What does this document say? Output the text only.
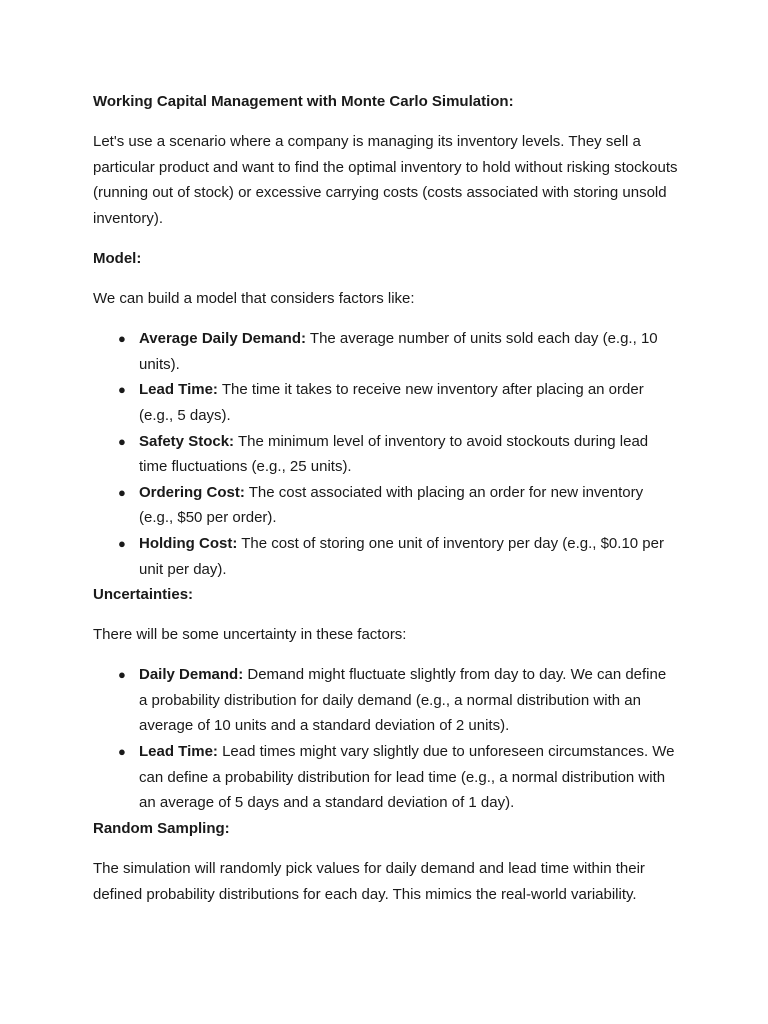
Working Capital Management with Monte Carlo Simulation:

Let's use a scenario where a company is managing its inventory levels. They sell a particular product and want to find the optimal inventory to hold without risking stockouts (running out of stock) or excessive carrying costs (costs associated with storing unsold inventory).

Model:

We can build a model that considers factors like:

● Average Daily Demand: The average number of units sold each day (e.g., 10 units).
● Lead Time: The time it takes to receive new inventory after placing an order (e.g., 5 days).
● Safety Stock: The minimum level of inventory to avoid stockouts during lead time fluctuations (e.g., 25 units).
● Ordering Cost: The cost associated with placing an order for new inventory (e.g., $50 per order).
● Holding Cost: The cost of storing one unit of inventory per day (e.g., $0.10 per unit per day).

Uncertainties:

There will be some uncertainty in these factors:

● Daily Demand: Demand might fluctuate slightly from day to day. We can define a probability distribution for daily demand (e.g., a normal distribution with an average of 10 units and a standard deviation of 2 units).
● Lead Time: Lead times might vary slightly due to unforeseen circumstances. We can define a probability distribution for lead time (e.g., a normal distribution with an average of 5 days and a standard deviation of 1 day).

Random Sampling:

The simulation will randomly pick values for daily demand and lead time within their defined probability distributions for each day. This mimics the real-world variability.
